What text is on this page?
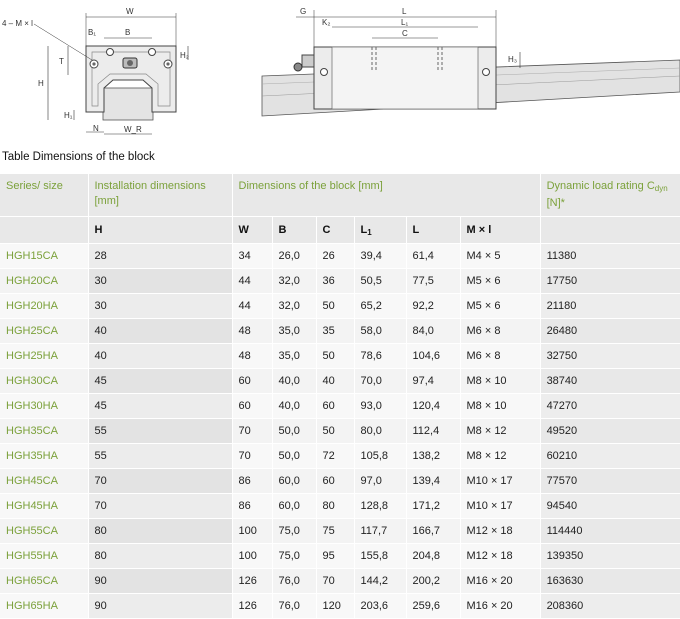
W
B
B₁
4 – M × l
H
T
H₁
H₂
N	W_R
L
L₁
C
G
K₂
H₃
Table Dimensions of the block
Series/ size	Installation dimensions [mm]	Dimensions of the block [mm]						Dynamic load rating $C_{dyn}$ [N]*
	H	W	B	C	$L_1$	L	M × l	
HGH15CA	28	34	26,0	26	39,4	61,4	M4 × 5	11380
HGH20CA	30	44	32,0	36	50,5	77,5	M5 × 6	17750
HGH20HA	30	44	32,0	50	65,2	92,2	M5 × 6	21180
HGH25CA	40	48	35,0	35	58,0	84,0	M6 × 8	26480
HGH25HA	40	48	35,0	50	78,6	104,6	M6 × 8	32750
HGH30CA	45	60	40,0	40	70,0	97,4	M8 × 10	38740
HGH30HA	45	60	40,0	60	93,0	120,4	M8 × 10	47270
HGH35CA	55	70	50,0	50	80,0	112,4	M8 × 12	49520
HGH35HA	55	70	50,0	72	105,8	138,2	M8 × 12	60210
HGH45CA	70	86	60,0	60	97,0	139,4	M10 × 17	77570
HGH45HA	70	86	60,0	80	128,8	171,2	M10 × 17	94540
HGH55CA	80	100	75,0	75	117,7	166,7	M12 × 18	114440
HGH55HA	80	100	75,0	95	155,8	204,8	M12 × 18	139350
HGH65CA	90	126	76,0	70	144,2	200,2	M16 × 20	163630
HGH65HA	90	126	76,0	120	203,6	259,6	M16 × 20	208360
